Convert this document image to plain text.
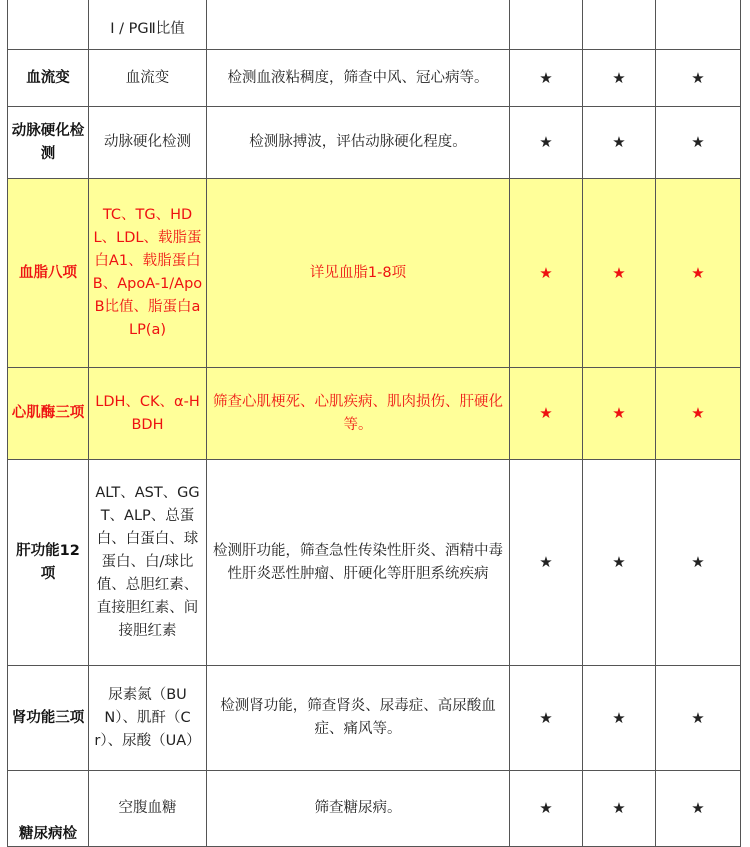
	Ⅰ / PGⅡ比值				

血流变	血流变	检测血液粘稠度，筛查中风、冠心病等。	★	★	★
动脉硬化检测	动脉硬化检测	检测脉搏波，评估动脉硬化程度。	★	★	★
血脂八项	TC、TG、HDL、LDL、载脂蛋白A1、载脂蛋白B、ApoA-1/ApoB比值、脂蛋白aLP(a)	详见血脂1-8项	★	★	★
心肌酶三项	LDH、CK、α-HBDH	筛查心肌梗死、心肌疾病、肌肉损伤、肝硬化等。	★	★	★
肝功能12项	ALT、AST、GGT、ALP、总蛋白、白蛋白、球蛋白、白/球比值、总胆红素、直接胆红素、间接胆红素	检测肝功能，筛查急性传染性肝炎、酒精中毒性肝炎恶性肿瘤、肝硬化等肝胆系统疾病	★	★	★
肾功能三项	尿素氮（BUN）、肌酐（Cr）、尿酸（UA）	检测肾功能，筛查肾炎、尿毒症、高尿酸血症、痛风等。	★	★	★
糖尿病检	空腹血糖	筛查糖尿病。	★	★	★
